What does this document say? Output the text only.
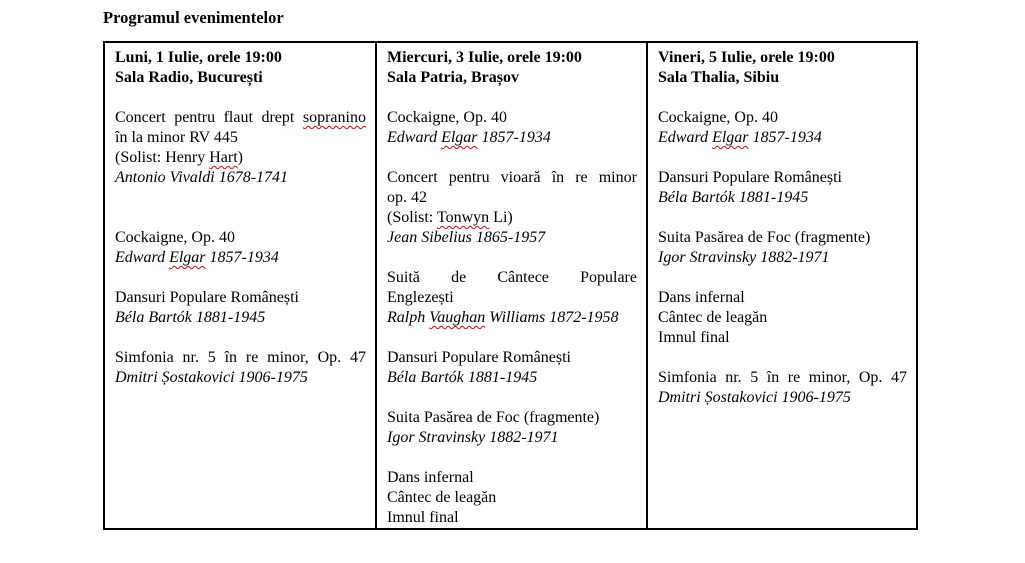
Programul evenimentelor
Luni, 1 Iulie, orele 19:00
Sala Radio, București
Concert pentru flaut drept sopranino
în la minor RV 445
(Solist: Henry Hart)
Antonio Vivaldi 1678-1741
Cockaigne, Op. 40
Edward Elgar 1857-1934
Dansuri Populare Românești
Béla Bartók 1881-1945
Simfonia nr. 5 în re minor, Op. 47
Dmitri Șostakovici 1906-1975

Miercuri, 3 Iulie, orele 19:00
Sala Patria, Brașov
Cockaigne, Op. 40
Edward Elgar 1857-1934
Concert pentru vioară în re minor
op. 42
(Solist: Tonwyn Li)
Jean Sibelius 1865-1957
Suită de Cântece Populare
Englezești
Ralph Vaughan Williams 1872-1958
Dansuri Populare Românești
Béla Bartók 1881-1945
Suita Pasărea de Foc (fragmente)
Igor Stravinsky 1882-1971
Dans infernal
Cântec de leagăn
Imnul final

Vineri, 5 Iulie, orele 19:00
Sala Thalia, Sibiu
Cockaigne, Op. 40
Edward Elgar 1857-1934
Dansuri Populare Românești
Béla Bartók 1881-1945
Suita Pasărea de Foc (fragmente)
Igor Stravinsky 1882-1971
Dans infernal
Cântec de leagăn
Imnul final
Simfonia nr. 5 în re minor, Op. 47
Dmitri Șostakovici 1906-1975
